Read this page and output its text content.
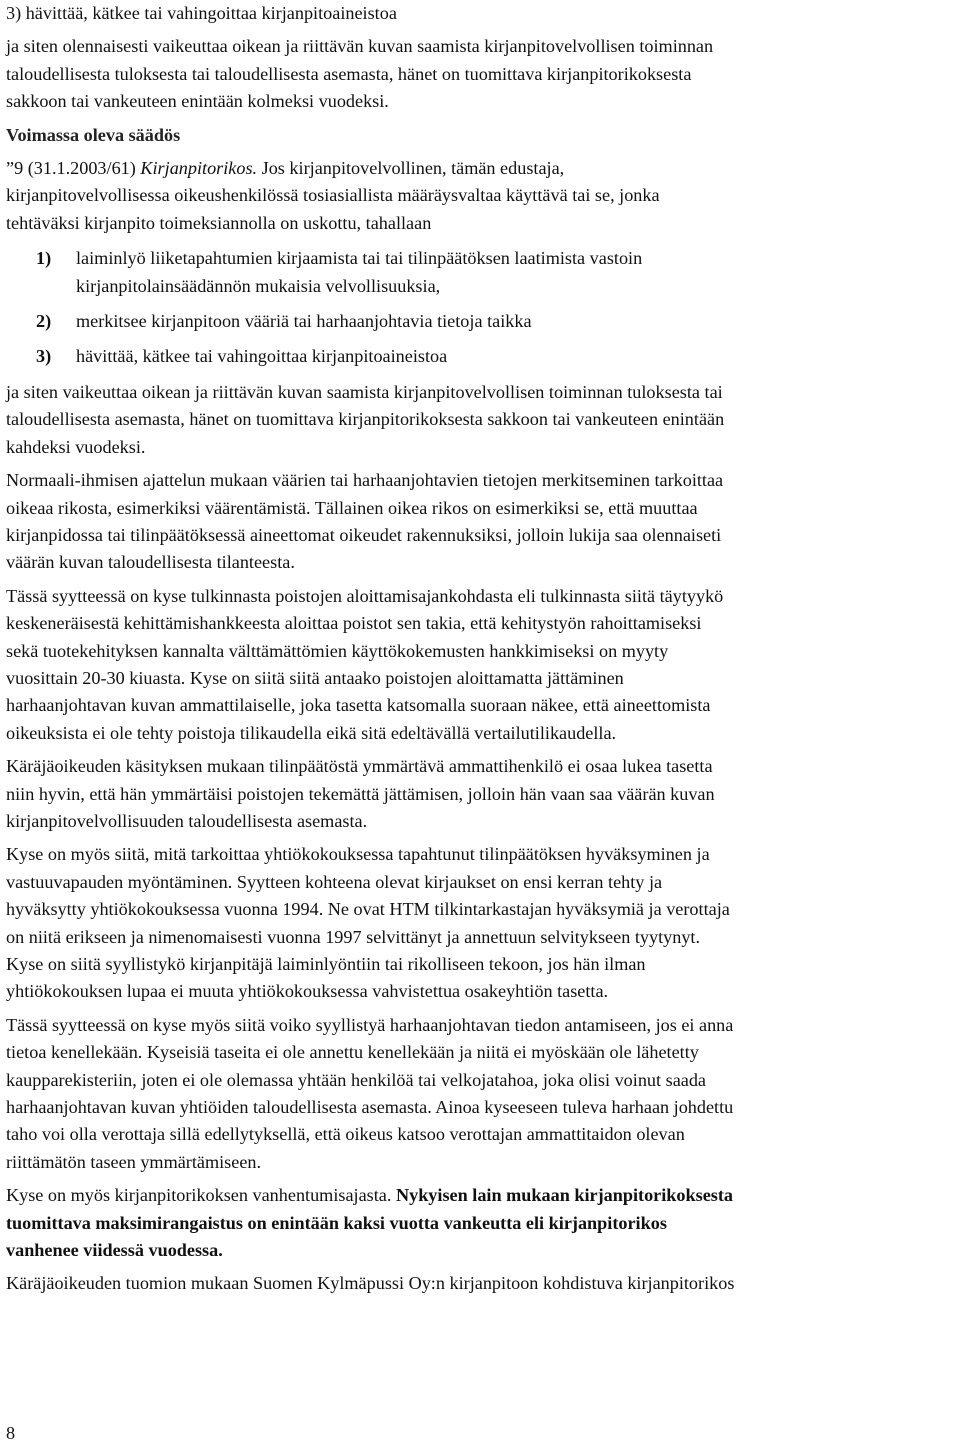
3) hävittää, kätkee tai vahingoittaa kirjanpitoaineistoa

ja siten olennaisesti vaikeuttaa oikean ja riittävän kuvan saamista kirjanpitovelvollisen toiminnan
taloudellisesta tuloksesta tai taloudellisesta asemasta, hänet on tuomittava kirjanpitorikoksesta
sakkoon tai vankeuteen enintään kolmeksi vuodeksi.

Voimassa oleva säädös

”9 (31.1.2003/61) Kirjanpitorikos. Jos kirjanpitovelvollinen, tämän edustaja,
kirjanpitovelvollisessa oikeushenkilössä tosiasiallista määräysvaltaa käyttävä tai se, jonka
tehtäväksi kirjanpito toimeksiannolla on uskottu, tahallaan

1) laiminlyö liiketapahtumien kirjaamista tai tai tilinpäätöksen laatimista vastoin
kirjanpitolainsäädännön mukaisia velvollisuuksia,
2) merkitsee kirjanpitoon vääriä tai harhaanjohtavia tietoja taikka
3) hävittää, kätkee tai vahingoittaa kirjanpitoaineistoa

ja siten vaikeuttaa oikean ja riittävän kuvan saamista kirjanpitovelvollisen toiminnan tuloksesta tai
taloudellisesta asemasta, hänet on tuomittava kirjanpitorikoksesta sakkoon tai vankeuteen enintään
kahdeksi vuodeksi.

Normaali-ihmisen ajattelun mukaan väärien tai harhaanjohtavien tietojen merkitseminen tarkoittaa
oikeaa rikosta, esimerkiksi väärentämistä. Tällainen oikea rikos on esimerkiksi se, että muuttaa
kirjanpidossa tai tilinpäätöksessä aineettomat oikeudet rakennuksiksi, jolloin lukija saa olennaiseti
väärän kuvan taloudellisesta tilanteesta.

Tässä syytteessä on kyse tulkinnasta poistojen aloittamisajankohdasta eli tulkinnasta siitä täytyykö
keskeneräisestä kehittämishankkeesta aloittaa poistot sen takia, että kehitystyön rahoittamiseksi
sekä tuotekehityksen kannalta välttämättömien käyttökokemusten hankkimiseksi on myyty
vuosittain 20-30 kiuasta. Kyse on siitä siitä antaako poistojen aloittamatta jättäminen
harhaanjohtavan kuvan ammattilaiselle, joka tasetta katsomalla suoraan näkee, että aineettomista
oikeuksista ei ole tehty poistoja tilikaudella eikä sitä edeltävällä vertailutilikaudella.

Käräjäoikeuden käsityksen mukaan tilinpäätöstä ymmärtävä ammattihenkilö ei osaa lukea tasetta
niin hyvin, että hän ymmärtäisi poistojen tekemättä jättämisen, jolloin hän vaan saa väärän kuvan
kirjanpitovelvollisuuden taloudellisesta asemasta.

Kyse on myös siitä, mitä tarkoittaa yhtiökokouksessa tapahtunut tilinpäätöksen hyväksyminen ja
vastuuvapauden myöntäminen. Syytteen kohteena olevat kirjaukset on ensi kerran tehty ja
hyväksytty yhtiökokouksessa vuonna 1994. Ne ovat HTM tilkintarkastajan hyväksymiä ja verottaja
on niitä erikseen ja nimenomaisesti vuonna 1997 selvittänyt ja annettuun selvitykseen tyytynyt.
Kyse on siitä syyllistykö kirjanpitäjä laiminlyöntiin tai rikolliseen tekoon, jos hän ilman
yhtiökokouksen lupaa ei muuta yhtiökokouksessa vahvistettua osakeyhtiön tasetta.

Tässä syytteessä on kyse myös siitä voiko syyllistyä harhaanjohtavan tiedon antamiseen, jos ei anna
tietoa kenellekään. Kyseisiä taseita ei ole annettu kenellekään ja niitä ei myöskään ole lähetetty
kaupparekisteriin, joten ei ole olemassa yhtään henkilöä tai velkojatahoa, joka olisi voinut saada
harhaanjohtavan kuvan yhtiöiden taloudellisesta asemasta. Ainoa kyseeseen tuleva harhaan johdettu
taho voi olla verottaja sillä edellytyksellä, että oikeus katsoo verottajan ammattitaidon olevan
riittämätön taseen ymmärtämiseen.

Kyse on myös kirjanpitorikoksen vanhentumisajasta. Nykyisen lain mukaan kirjanpitorikoksesta
tuomittava maksimirangaistus on enintään kaksi vuotta vankeutta eli kirjanpitorikos
vanhenee viidessä vuodessa.

Käräjäoikeuden tuomion mukaan Suomen Kylmäpussi Oy:n kirjanpitoon kohdistuva kirjanpitorikos

8
